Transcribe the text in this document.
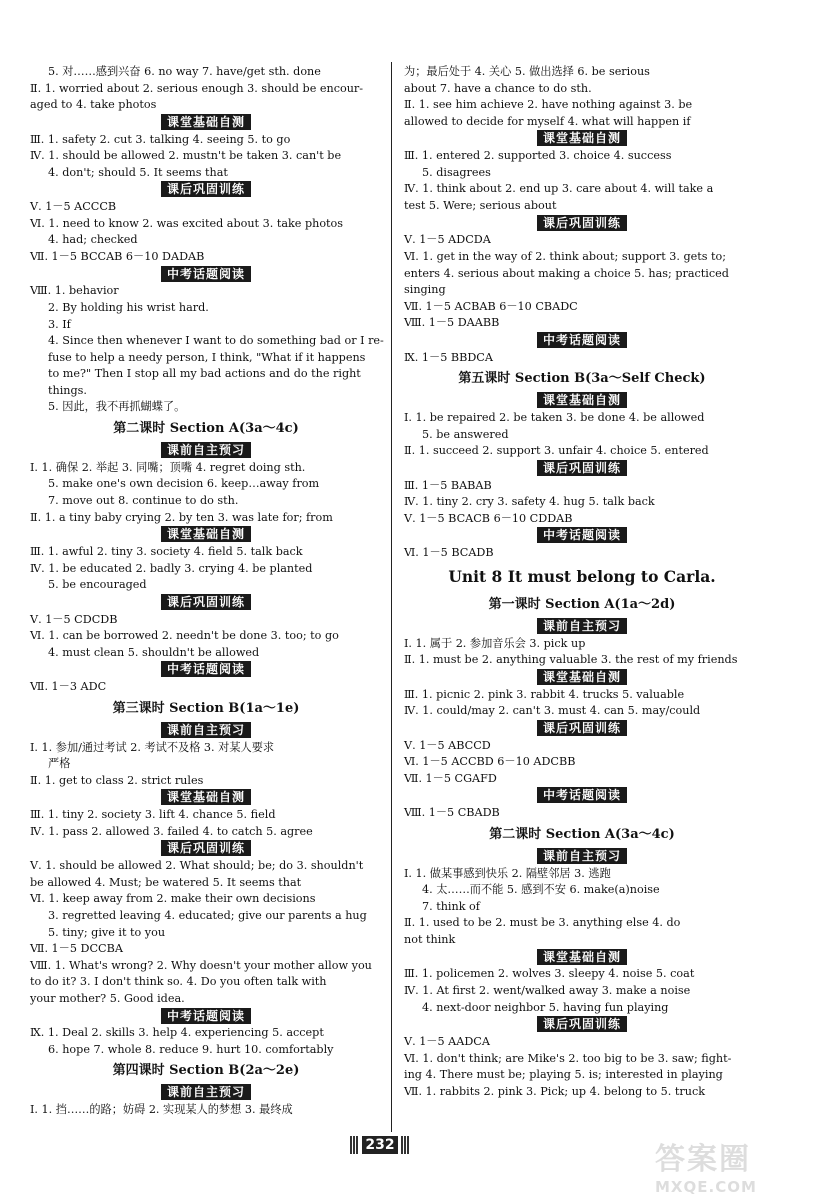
5. 对……感到兴奋 6. no way 7. have/get sth. done
Ⅱ. 1. worried about 2. serious enough 3. should be encour-
aged to 4. take photos
课堂基础自测
Ⅲ. 1. safety 2. cut 3. talking 4. seeing 5. to go
Ⅳ. 1. should be allowed 2. mustn't be taken 3. can't be
4. don't; should 5. It seems that
课后巩固训练
Ⅴ. 1－5 ACCCB
Ⅵ. 1. need to know 2. was excited about 3. take photos
4. had; checked
Ⅶ. 1－5 BCCAB 6－10 DADAB
中考话题阅读
Ⅷ. 1. behavior
2. By holding his wrist hard.
3. If
4. Since then whenever I want to do something bad or I re-
fuse to help a needy person, I think, "What if it happens
to me?" Then I stop all my bad actions and do the right
things.
5. 因此，我不再抓蝴蝶了。
第二课时 Section A(3a～4c)
课前自主预习
Ⅰ. 1. 确保 2. 举起 3. 同嘴；顶嘴 4. regret doing sth.
5. make one's own decision 6. keep…away from
7. move out 8. continue to do sth.
Ⅱ. 1. a tiny baby crying 2. by ten 3. was late for; from
课堂基础自测
Ⅲ. 1. awful 2. tiny 3. society 4. field 5. talk back
Ⅳ. 1. be educated 2. badly 3. crying 4. be planted
5. be encouraged
课后巩固训练
Ⅴ. 1－5 CDCDB
Ⅵ. 1. can be borrowed 2. needn't be done 3. too; to go
4. must clean 5. shouldn't be allowed
中考话题阅读
Ⅶ. 1－3 ADC
第三课时 Section B(1a～1e)
课前自主预习
Ⅰ. 1. 参加/通过考试 2. 考试不及格 3. 对某人要求
严格
Ⅱ. 1. get to class 2. strict rules
课堂基础自测
Ⅲ. 1. tiny 2. society 3. lift 4. chance 5. field
Ⅳ. 1. pass 2. allowed 3. failed 4. to catch 5. agree
课后巩固训练
Ⅴ. 1. should be allowed 2. What should; be; do 3. shouldn't
be allowed 4. Must; be watered 5. It seems that
Ⅵ. 1. keep away from 2. make their own decisions
3. regretted leaving 4. educated; give our parents a hug
5. tiny; give it to you
Ⅶ. 1－5 DCCBA
Ⅷ. 1. What's wrong? 2. Why doesn't your mother allow you
to do it? 3. I don't think so. 4. Do you often talk with
your mother? 5. Good idea.
中考话题阅读
Ⅸ. 1. Deal 2. skills 3. help 4. experiencing 5. accept
6. hope 7. whole 8. reduce 9. hurt 10. comfortably
第四课时 Section B(2a～2e)
课前自主预习
Ⅰ. 1. 挡……的路；妨碍 2. 实现某人的梦想 3. 最终成
为；最后处于 4. 关心 5. 做出选择 6. be serious
about 7. have a chance to do sth.
Ⅱ. 1. see him achieve 2. have nothing against 3. be
allowed to decide for myself 4. what will happen if
课堂基础自测
Ⅲ. 1. entered 2. supported 3. choice 4. success
5. disagrees
Ⅳ. 1. think about 2. end up 3. care about 4. will take a
test 5. Were; serious about
课后巩固训练
Ⅴ. 1－5 ADCDA
Ⅵ. 1. get in the way of 2. think about; support 3. gets to;
enters 4. serious about making a choice 5. has; practiced
singing
Ⅶ. 1－5 ACBAB 6－10 CBADC
Ⅷ. 1－5 DAABB
中考话题阅读
Ⅸ. 1－5 BBDCA
第五课时 Section B(3a～Self Check)
课堂基础自测
Ⅰ. 1. be repaired 2. be taken 3. be done 4. be allowed
5. be answered
Ⅱ. 1. succeed 2. support 3. unfair 4. choice 5. entered
课后巩固训练
Ⅲ. 1－5 BABAB
Ⅳ. 1. tiny 2. cry 3. safety 4. hug 5. talk back
Ⅴ. 1－5 BCACB 6－10 CDDAB
中考话题阅读
Ⅵ. 1－5 BCADB
Unit 8 It must belong to Carla.
第一课时 Section A(1a～2d)
课前自主预习
Ⅰ. 1. 属于 2. 参加音乐会 3. pick up
Ⅱ. 1. must be 2. anything valuable 3. the rest of my friends
课堂基础自测
Ⅲ. 1. picnic 2. pink 3. rabbit 4. trucks 5. valuable
Ⅳ. 1. could/may 2. can't 3. must 4. can 5. may/could
课后巩固训练
Ⅴ. 1－5 ABCCD
Ⅵ. 1－5 ACCBD 6－10 ADCBB
Ⅶ. 1－5 CGAFD
中考话题阅读
Ⅷ. 1－5 CBADB
第二课时 Section A(3a～4c)
课前自主预习
Ⅰ. 1. 做某事感到快乐 2. 隔壁邻居 3. 逃跑
4. 太……而不能 5. 感到不安 6. make(a)noise
7. think of
Ⅱ. 1. used to be 2. must be 3. anything else 4. do
not think
课堂基础自测
Ⅲ. 1. policemen 2. wolves 3. sleepy 4. noise 5. coat
Ⅳ. 1. At first 2. went/walked away 3. make a noise
4. next-door neighbor 5. having fun playing
课后巩固训练
Ⅴ. 1－5 AADCA
Ⅵ. 1. don't think; are Mike's 2. too big to be 3. saw; fight-
ing 4. There must be; playing 5. is; interested in playing
Ⅶ. 1. rabbits 2. pink 3. Pick; up 4. belong to 5. truck
232	答案圈
MXQE.COM
